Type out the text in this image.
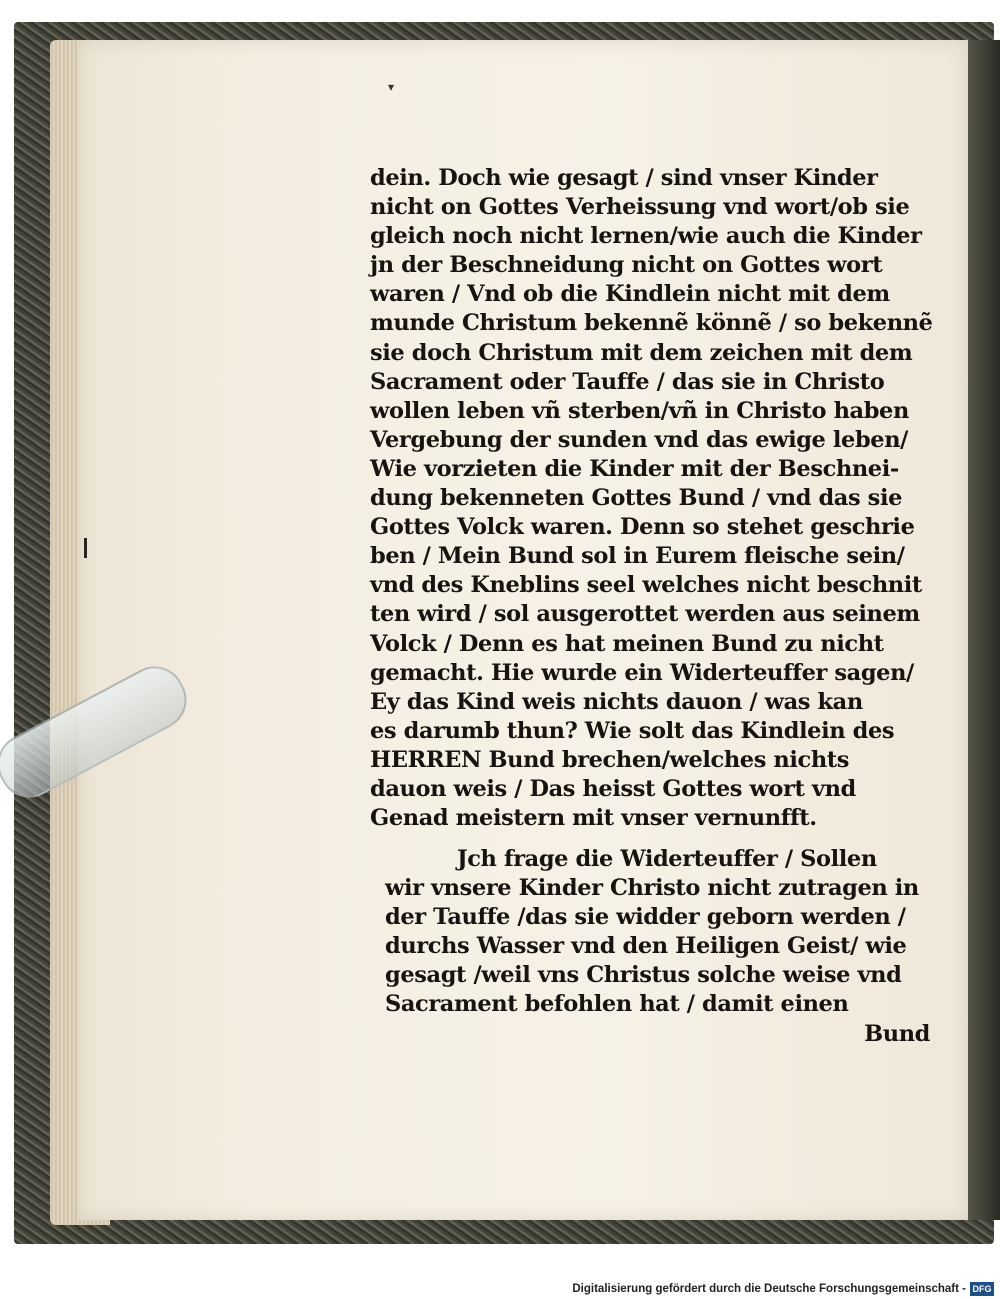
▾
dein. Doch wie gesagt / sind vnser Kinder
nicht on Gottes Verheissung vnd wort/ob sie
gleich noch nicht lernen/wie auch die Kinder
jn der Beschneidung nicht on Gottes wort
waren / Vnd ob die Kindlein nicht mit dem
munde Christum bekennẽ könnẽ / so bekennẽ
sie doch Christum mit dem zeichen mit dem
Sacrament oder Tauffe / das sie in Christo
wollen leben vñ sterben/vñ in Christo haben
Vergebung der sunden vnd das ewige leben/
Wie vorzieten die Kinder mit der Beschnei-
dung bekenneten Gottes Bund / vnd das sie
Gottes Volck waren. Denn so stehet geschrie
ben / Mein Bund sol in Eurem fleische sein/
vnd des Kneblins seel welches nicht beschnit
ten wird / sol ausgerottet werden aus seinem
Volck / Denn es hat meinen Bund zu nicht
gemacht. Hie wurde ein Widerteuffer sagen/
Ey das Kind weis nichts dauon / was kan
es darumb thun? Wie solt das Kindlein des
HERREN Bund brechen/welches nichts
dauon weis / Das heisst Gottes wort vnd
Genad meistern mit vnser vernunfft.
Jch frage die Widerteuffer / Sollen
wir vnsere Kinder Christo nicht zutragen in
der Tauffe /das sie widder geborn werden /
durchs Wasser vnd den Heiligen Geist/ wie
gesagt /weil vns Christus solche weise vnd
Sacrament befohlen hat / damit einen
Bund
Digitalisierung gefördert durch die Deutsche Forschungsgemeinschaft - DFG
